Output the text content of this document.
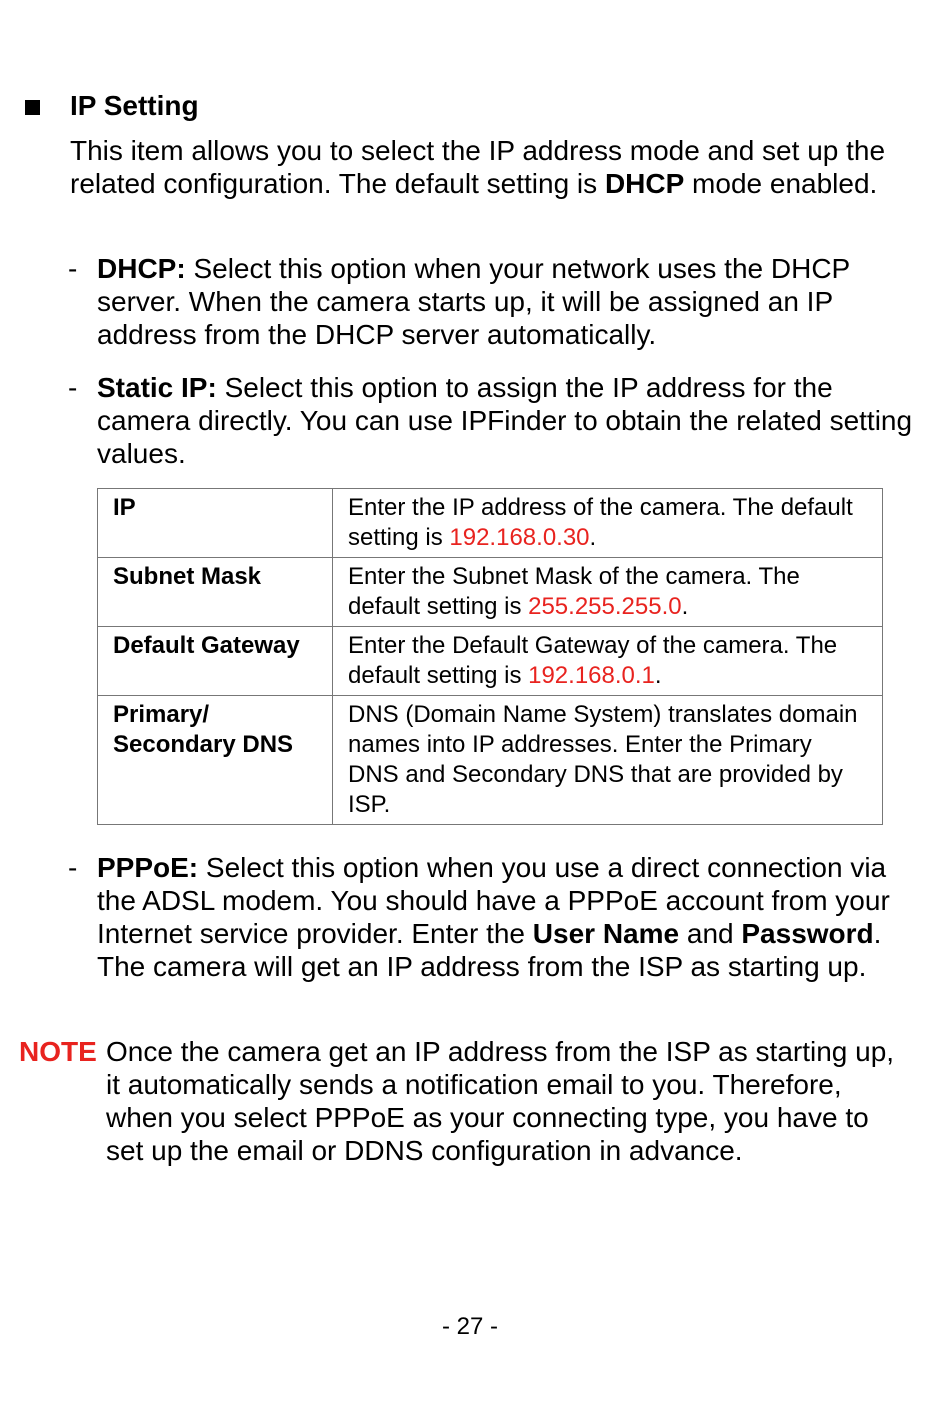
IP Setting
This item allows you to select the IP address mode and set up the related configuration. The default setting is DHCP mode enabled.
- DHCP: Select this option when your network uses the DHCP server. When the camera starts up, it will be assigned an IP address from the DHCP server automatically.
- Static IP: Select this option to assign the IP address for the camera directly. You can use IPFinder to obtain the related setting values.
IP	Enter the IP address of the camera. The default setting is 192.168.0.30.
Subnet Mask	Enter the Subnet Mask of the camera. The default setting is 255.255.255.0.
Default Gateway	Enter the Default Gateway of the camera. The default setting is 192.168.0.1.
Primary/
Secondary DNS	DNS (Domain Name System) translates domain names into IP addresses. Enter the Primary DNS and Secondary DNS that are provided by ISP.
- PPPoE: Select this option when you use a direct connection via the ADSL modem. You should have a PPPoE account from your Internet service provider. Enter the User Name and Password. The camera will get an IP address from the ISP as starting up.
NOTE Once the camera get an IP address from the ISP as starting up, it automatically sends a notification email to you. Therefore, when you select PPPoE as your connecting type, you have to set up the email or DDNS configuration in advance.
- 27 -
